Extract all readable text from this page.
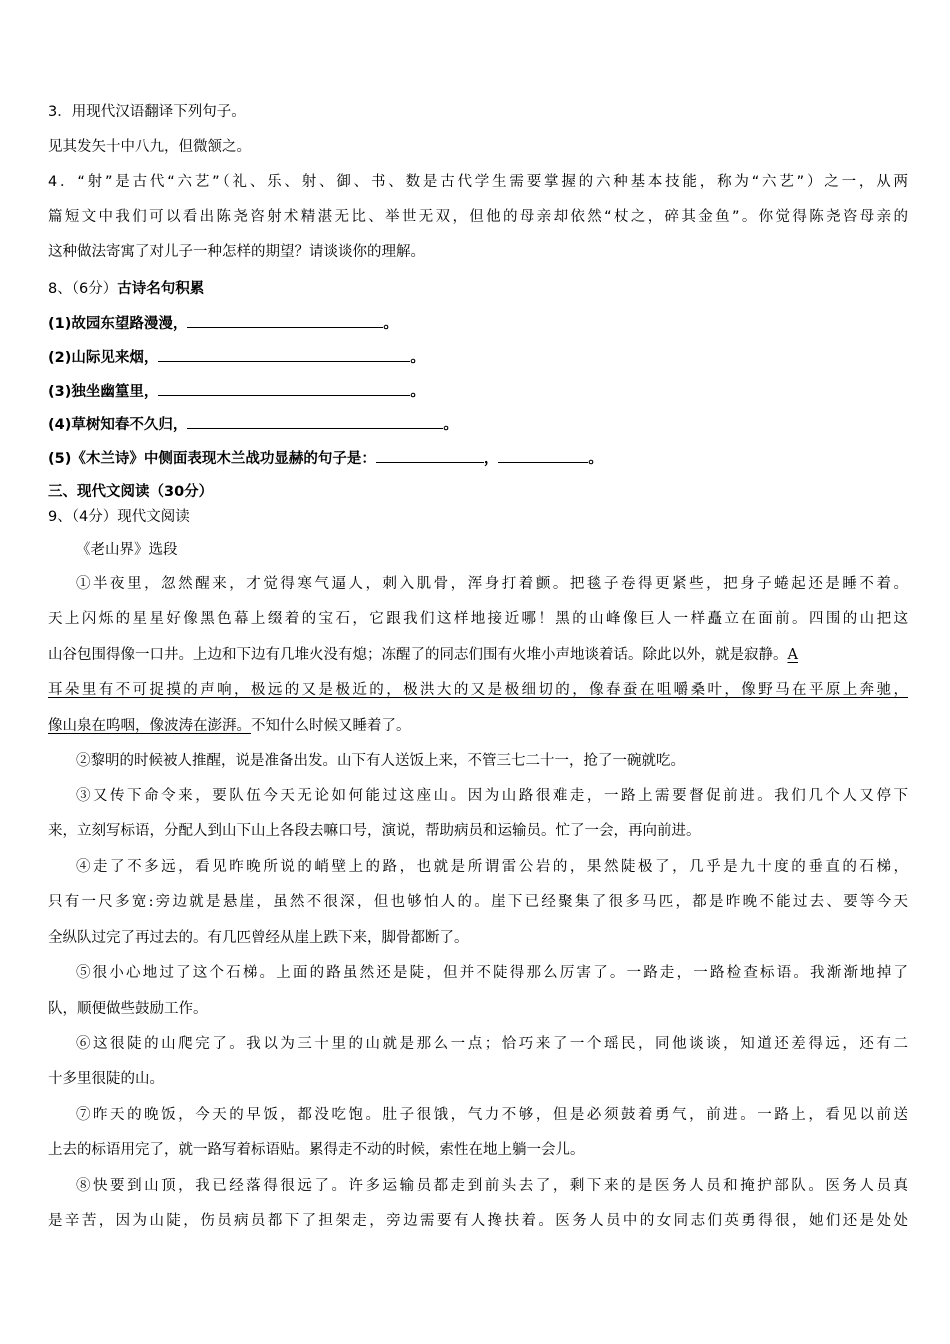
3．用现代汉语翻译下列句子。
见其发矢十中八九，但微颔之。
4．“射”是古代“六艺”（礼、乐、射、御、书、数是古代学生需要掌握的六种基本技能，称为“六艺”）之一，从两
篇短文中我们可以看出陈尧咨射术精湛无比、举世无双，但他的母亲却依然“杖之，碎其金鱼”。你觉得陈尧咨母亲的
这种做法寄寓了对儿子一种怎样的期望？请谈谈你的理解。
8、（6分）古诗名句积累
(1)故园东望路漫漫，	。
(2)山际见来烟，	。
(3)独坐幽篁里，	。
(4)草树知春不久归，	。
(5)《木兰诗》中侧面表现木兰战功显赫的句子是：	，	。
三、现代文阅读（30分）
9、（4分）现代文阅读
《老山界》选段
①半夜里，忽然醒来，才觉得寒气逼人，刺入肌骨，浑身打着颤。把毯子卷得更紧些，把身子蜷起还是睡不着。
天上闪烁的星星好像黑色幕上缀着的宝石，它跟我们这样地接近哪！黑的山峰像巨人一样矗立在面前。四围的山把这
山谷包围得像一口井。上边和下边有几堆火没有熄；冻醒了的同志们围有火堆小声地谈着话。除此以外，就是寂静。A
耳朵里有不可捉摸的声响，极远的又是极近的，极洪大的又是极细切的，像春蚕在咀嚼桑叶，像野马在平原上奔驰，
像山泉在呜咽，像波涛在澎湃。不知什么时候又睡着了。
②黎明的时候被人推醒，说是准备出发。山下有人送饭上来，不管三七二十一，抢了一碗就吃。
③又传下命令来，要队伍今天无论如何能过这座山。因为山路很难走，一路上需要督促前进。我们几个人又停下
来，立刻写标语，分配人到山下山上各段去嘛口号，演说，帮助病员和运输员。忙了一会，再向前进。
④走了不多远，看见昨晚所说的峭壁上的路，也就是所谓雷公岩的，果然陡极了，几乎是九十度的垂直的石梯，
只有一尺多宽:旁边就是悬崖，虽然不很深，但也够怕人的。崖下已经聚集了很多马匹，都是昨晚不能过去、要等今天
全纵队过完了再过去的。有几匹曾经从崖上跌下来，脚骨都断了。
⑤很小心地过了这个石梯。上面的路虽然还是陡，但并不陡得那么厉害了。一路走，一路检查标语。我渐渐地掉了
队，顺便做些鼓励工作。
⑥这很陡的山爬完了。我以为三十里的山就是那么一点；恰巧来了一个瑶民，同他谈谈，知道还差得远，还有二
十多里很陡的山。
⑦昨天的晚饭，今天的早饭，都没吃饱。肚子很饿，气力不够，但是必须鼓着勇气，前进。一路上，看见以前送
上去的标语用完了，就一路写着标语贴。累得走不动的时候，索性在地上躺一会儿。
⑧快要到山顶，我已经落得很远了。许多运输员都走到前头去了，剩下来的是医务人员和掩护部队。医务人员真
是辛苦，因为山陡，伤员病员都下了担架走，旁边需要有人搀扶着。医务人员中的女同志们英勇得很，她们还是处处
